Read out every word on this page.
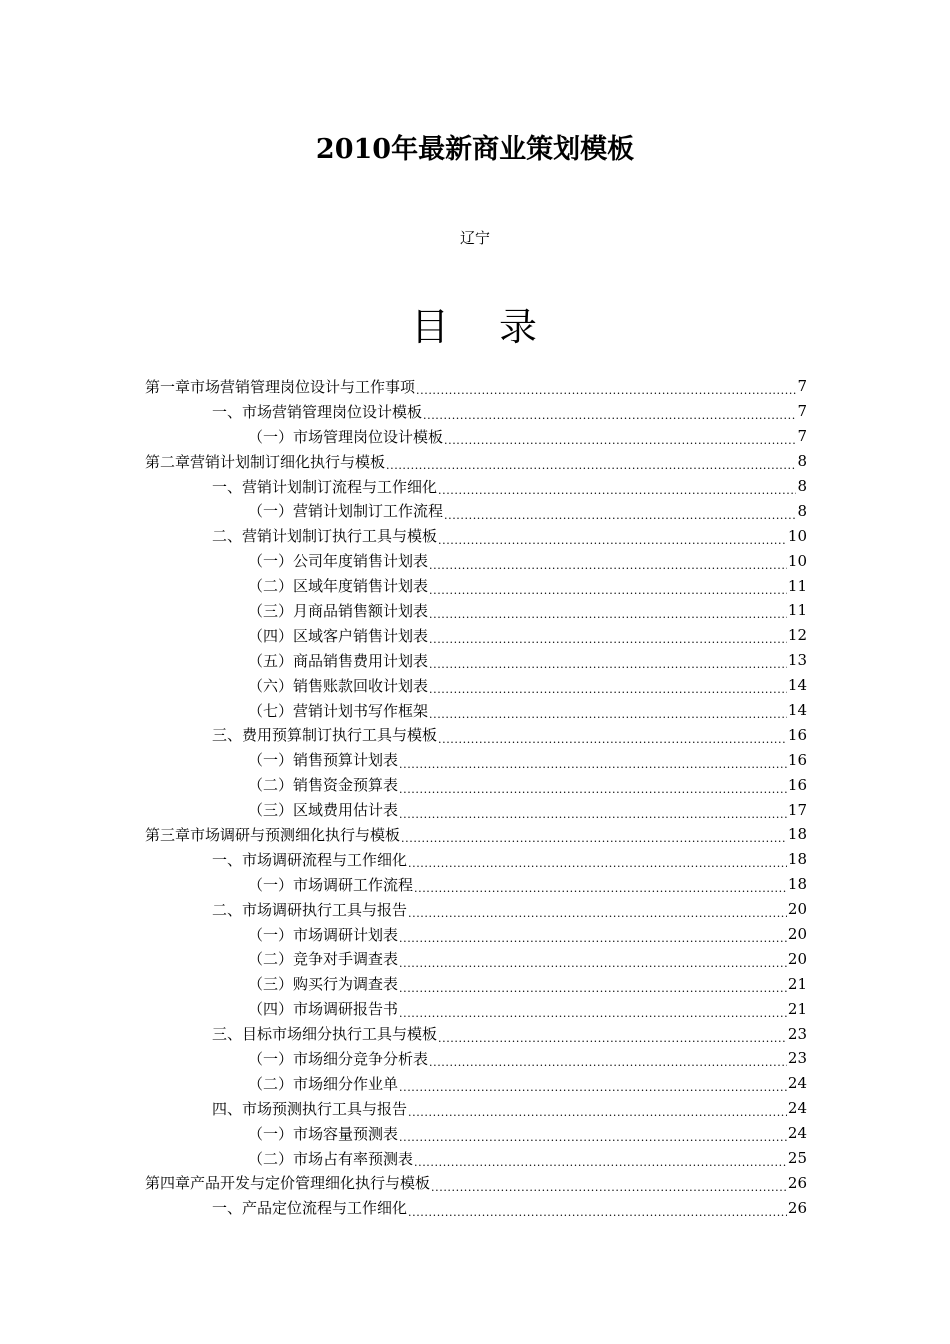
2010年最新商业策划模板
辽宁
目 录
第一章 市场营销管理岗位设计与工作事项 .....	7
一、市场营销管理岗位设计模板 .....	7
（一）市场管理岗位设计模板 .....	7
第二章 营销计划制订细化执行与模板 .....	8
一、营销计划制订流程与工作细化 .....	8
（一）营销计划制订工作流程 .....	8
二、营销计划制订执行工具与模板 .....	10
（一）公司年度销售计划表 .....	10
（二）区域年度销售计划表 .....	11
（三）月商品销售额计划表 .....	11
（四）区域客户销售计划表 .....	12
（五）商品销售费用计划表 .....	13
（六）销售账款回收计划表 .....	14
（七）营销计划书写作框架 .....	14
三、费用预算制订执行工具与模板 .....	16
（一）销售预算计划表 .....	16
（二）销售资金预算表 .....	16
（三）区域费用估计表 .....	17
第三章 市场调研与预测细化执行与模板 .....	18
一、市场调研流程与工作细化 .....	18
（一）市场调研工作流程 .....	18
二、市场调研执行工具与报告 .....	20
（一）市场调研计划表 .....	20
（二）竞争对手调查表 .....	20
（三）购买行为调查表 .....	21
（四）市场调研报告书 .....	21
三、目标市场细分执行工具与模板 .....	23
（一）市场细分竞争分析表 .....	23
（二）市场细分作业单 .....	24
四、市场预测执行工具与报告 .....	24
（一）市场容量预测表 .....	24
（二）市场占有率预测表 .....	25
第四章 产品开发与定价管理细化执行与模板 .....	26
一、产品定位流程与工作细化 .....	26
